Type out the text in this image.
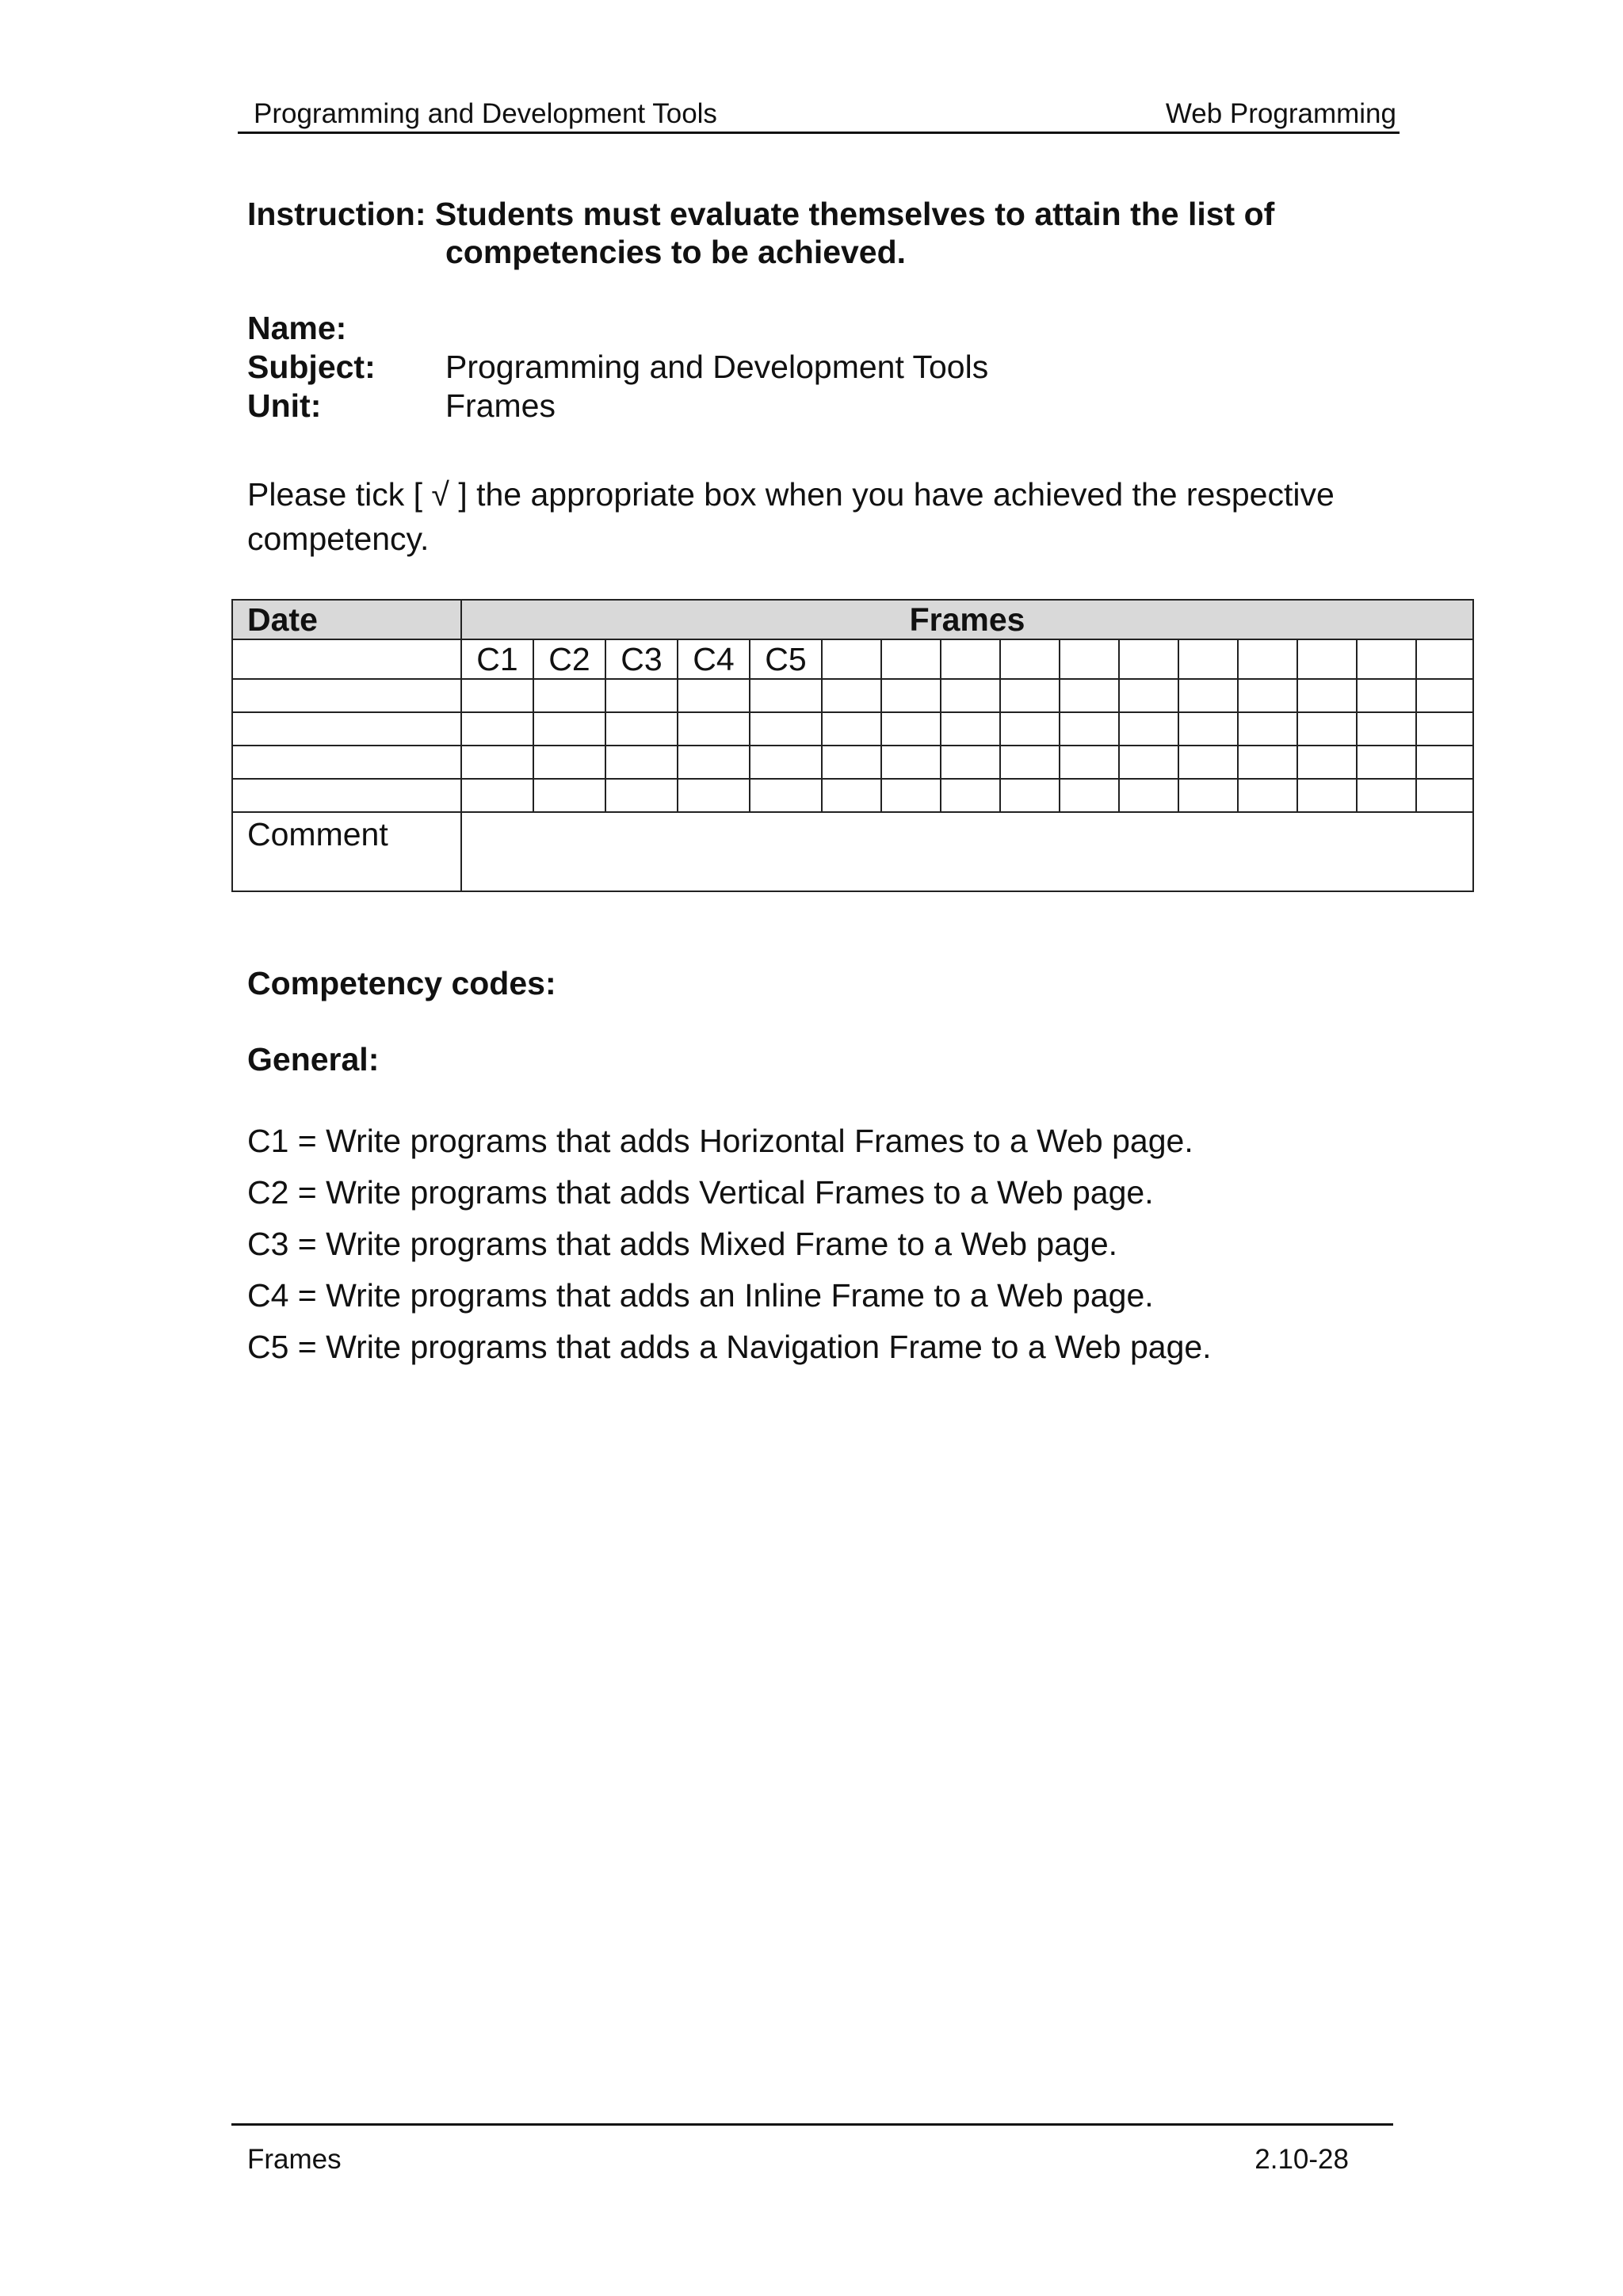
Programming and Development Tools	Web Programming
Instruction: Students must evaluate themselves to attain the list of
competencies to be achieved.
Name:
Subject:	Programming and Development Tools
Unit:	Frames
Please tick [ √ ] the appropriate box when you have achieved the respective competency.
Date	Frames															
	C1	C2	C3	C4	C5											

Comment																
Competency codes:
General:
C1 = Write programs that adds Horizontal Frames to a Web page.
C2 = Write programs that adds Vertical Frames to a Web page.
C3 = Write programs that adds Mixed Frame to a Web page.
C4 = Write programs that adds an Inline Frame to a Web page.
C5 = Write programs that adds a Navigation Frame to a Web page.
Frames	2.10-28
